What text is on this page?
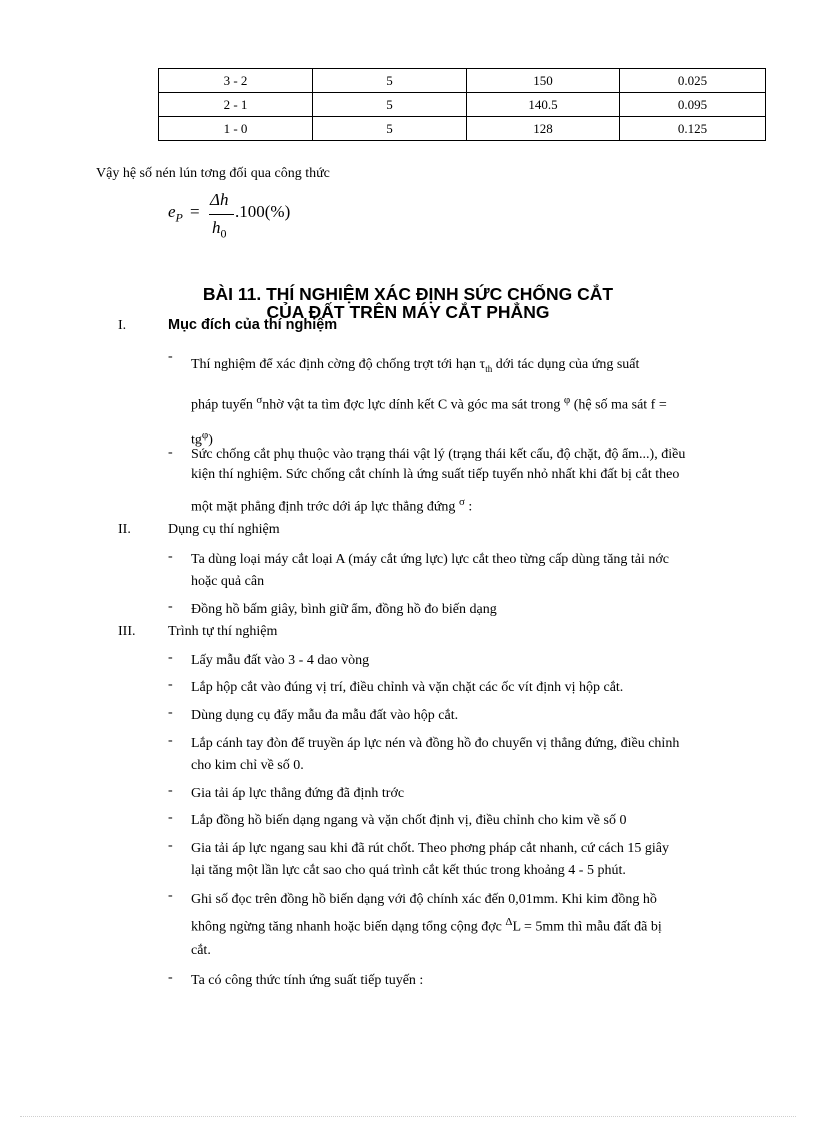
3 - 2	5	150	0.025
2 - 1	5	140.5	0.095
1 - 0	5	128	0.125
Vậy hệ số nén lún tơng đối qua công thức
$e_P$ =
Δh
$h_0$
.100(%)
BÀI 11. THÍ NGHIỆM XÁC ĐỊNH SỨC CHỐNG CẮT
CỦA ĐẤT TRÊN MÁY CẮT PHẲNG
I.	Mục đích của thí nghiệm
-
Thí nghiệm để xác định cờng độ chống trợt tới hạn $\tau_{th}$ dới tác dụng của ứng suất
pháp tuyến $^\sigma$nhờ vật ta tìm đợc lực dính kết C và góc ma sát trong $^\varphi$ (hệ số ma sát f =
$tg^\varphi$)
- Sức chống cắt phụ thuộc vào trạng thái vật lý (trạng thái kết cấu, độ chặt, độ ẩm...), điều
kiện thí nghiệm. Sức chống cắt chính là ứng suất tiếp tuyến nhỏ nhất khi đất bị cắt theo
một mặt phẳng định trớc dới áp lực thẳng đứng $^\sigma$ :
II.	Dụng cụ thí nghiệm
- Ta dùng loại máy cắt loại A (máy cắt ứng lực) lực cắt theo từng cấp dùng tăng tải nớc
hoặc quả cân
- Đồng hồ bấm giây, bình giữ ẩm, đồng hồ đo biến dạng
III. Trình tự thí nghiệm
- Lấy mẫu đất vào 3 - 4 dao vòng
- Lắp hộp cắt vào đúng vị trí, điều chỉnh và vặn chặt các ốc vít định vị hộp cắt.
- Dùng dụng cụ đẩy mẫu đa mẫu đất vào hộp cắt.
- Lắp cánh tay đòn để truyền áp lực nén và đồng hồ đo chuyển vị thẳng đứng, điều chỉnh
cho kim chỉ về số 0.
- Gia tải áp lực thẳng đứng đã định trớc
- Lắp đồng hồ biến dạng ngang và vặn chốt định vị, điều chỉnh cho kim về số 0
- Gia tải áp lực ngang sau khi đã rút chốt. Theo phơng pháp cắt nhanh, cứ cách 15 giây
lại tăng một lần lực cắt sao cho quá trình cắt kết thúc trong khoảng 4 - 5 phút.
- Ghi số đọc trên đồng hồ biến dạng với độ chính xác đến 0,01mm. Khi kim đồng hồ
không ngừng tăng nhanh hoặc biến dạng tổng cộng đợc $^\Delta$L = 5mm thì mẫu đất đã bị
cắt.
- Ta có công thức tính ứng suất tiếp tuyến :
